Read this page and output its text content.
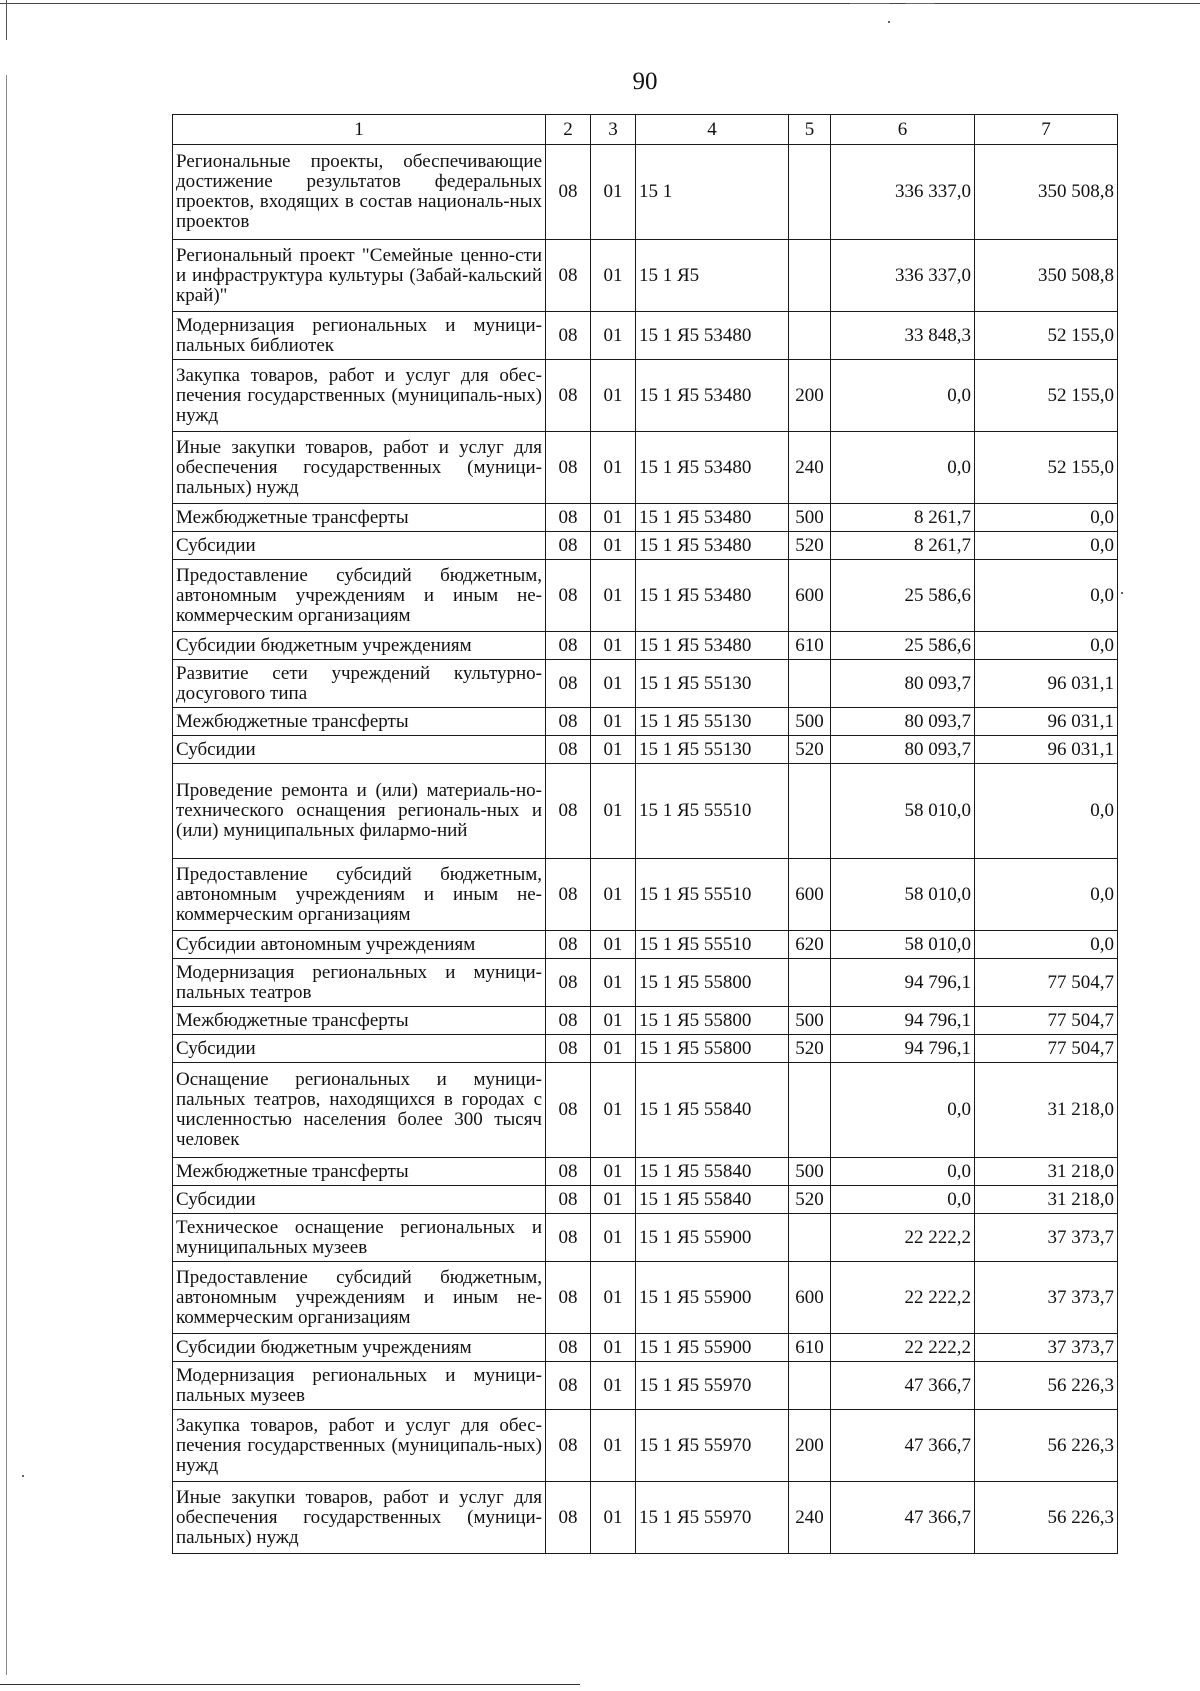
90
1	2	3	4	5	6	7
Региональные проекты, обеспечивающие достижение результатов федеральных проектов, входящих в состав националь-ных проектов	08	01	15 1		336 337,0	350 508,8
Региональный проект "Семейные ценно-сти и инфраструктура культуры (Забай-кальский край)"	08	01	15 1 Я5		336 337,0	350 508,8
Модернизация региональных и муници-пальных библиотек	08	01	15 1 Я5 53480		33 848,3	52 155,0
Закупка товаров, работ и услуг для обес-печения государственных (муниципаль-ных) нужд	08	01	15 1 Я5 53480	200	0,0	52 155,0
Иные закупки товаров, работ и услуг для обеспечения государственных (муници-пальных) нужд	08	01	15 1 Я5 53480	240	0,0	52 155,0
Межбюджетные трансферты	08	01	15 1 Я5 53480	500	8 261,7	0,0
Субсидии	08	01	15 1 Я5 53480	520	8 261,7	0,0
Предоставление субсидий бюджетным, автономным учреждениям и иным не-коммерческим организациям	08	01	15 1 Я5 53480	600	25 586,6	0,0
Субсидии бюджетным учреждениям	08	01	15 1 Я5 53480	610	25 586,6	0,0
Развитие сети учреждений культурно-досугового типа	08	01	15 1 Я5 55130		80 093,7	96 031,1
Межбюджетные трансферты	08	01	15 1 Я5 55130	500	80 093,7	96 031,1
Субсидии	08	01	15 1 Я5 55130	520	80 093,7	96 031,1
Проведение ремонта и (или) материаль-но-технического оснащения региональ-ных и (или) муниципальных филармо-ний	08	01	15 1 Я5 55510		58 010,0	0,0
Предоставление субсидий бюджетным, автономным учреждениям и иным не-коммерческим организациям	08	01	15 1 Я5 55510	600	58 010,0	0,0
Субсидии автономным учреждениям	08	01	15 1 Я5 55510	620	58 010,0	0,0
Модернизация региональных и муници-пальных театров	08	01	15 1 Я5 55800		94 796,1	77 504,7
Межбюджетные трансферты	08	01	15 1 Я5 55800	500	94 796,1	77 504,7
Субсидии	08	01	15 1 Я5 55800	520	94 796,1	77 504,7
Оснащение региональных и муници-пальных театров, находящихся в городах с численностью населения более 300 тысяч человек	08	01	15 1 Я5 55840		0,0	31 218,0
Межбюджетные трансферты	08	01	15 1 Я5 55840	500	0,0	31 218,0
Субсидии	08	01	15 1 Я5 55840	520	0,0	31 218,0
Техническое оснащение региональных и муниципальных музеев	08	01	15 1 Я5 55900		22 222,2	37 373,7
Предоставление субсидий бюджетным, автономным учреждениям и иным не-коммерческим организациям	08	01	15 1 Я5 55900	600	22 222,2	37 373,7
Субсидии бюджетным учреждениям	08	01	15 1 Я5 55900	610	22 222,2	37 373,7
Модернизация региональных и муници-пальных музеев	08	01	15 1 Я5 55970		47 366,7	56 226,3
Закупка товаров, работ и услуг для обес-печения государственных (муниципаль-ных) нужд	08	01	15 1 Я5 55970	200	47 366,7	56 226,3
Иные закупки товаров, работ и услуг для обеспечения государственных (муници-пальных) нужд	08	01	15 1 Я5 55970	240	47 366,7	56 226,3
